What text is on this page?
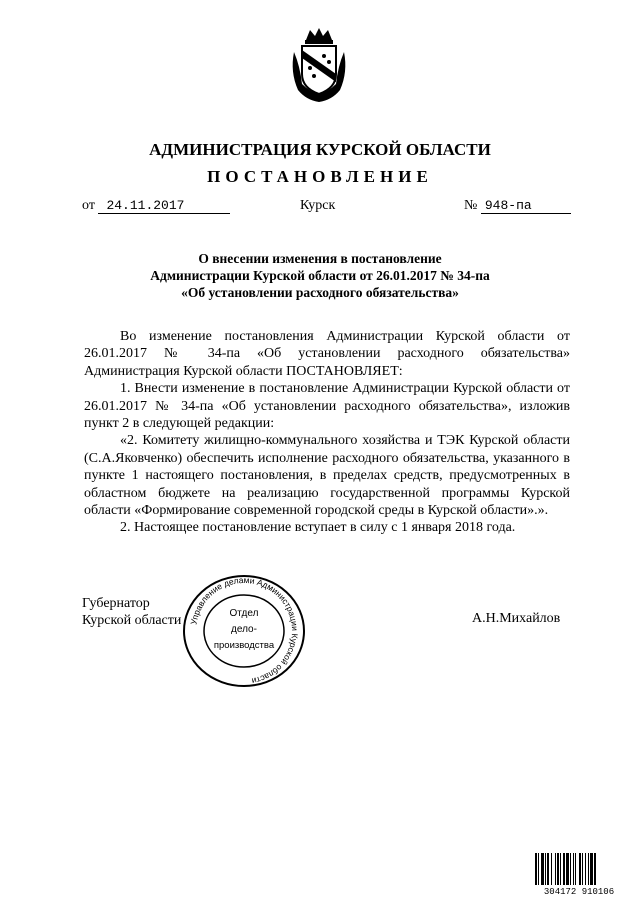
АДМИНИСТРАЦИЯ КУРСКОЙ ОБЛАСТИ
ПОСТАНОВЛЕНИЕ
от 24.11.2017	Курск	№ 948-па
О внесении изменения в постановление
Администрации Курской области от 26.01.2017 № 34-па
«Об установлении расходного обязательства»

Во изменение постановления Администрации Курской области от 26.01.2017 № 34-па «Об установлении расходного обязательства» Администрация Курской области ПОСТАНОВЛЯЕТ:

1. Внести изменение в постановление Администрации Курской области от 26.01.2017 № 34-па «Об установлении расходного обязательства», изложив пункт 2 в следующей редакции:

«2. Комитету жилищно-коммунального хозяйства и ТЭК Курской области (С.А.Яковченко) обеспечить исполнение расходного обязательства, указанного в пункте 1 настоящего постановления, в пределах средств, предусмотренных в областном бюджете на реализацию государственной программы Курской области «Формирование современной городской среды в Курской области».».

2. Настоящее постановление вступает в силу с 1 января 2018 года.

Губернатор
Курской области	А.Н.Михайлов
Управление делами Администрации Курской области
Отдел
дело-
производства
304172 910106
